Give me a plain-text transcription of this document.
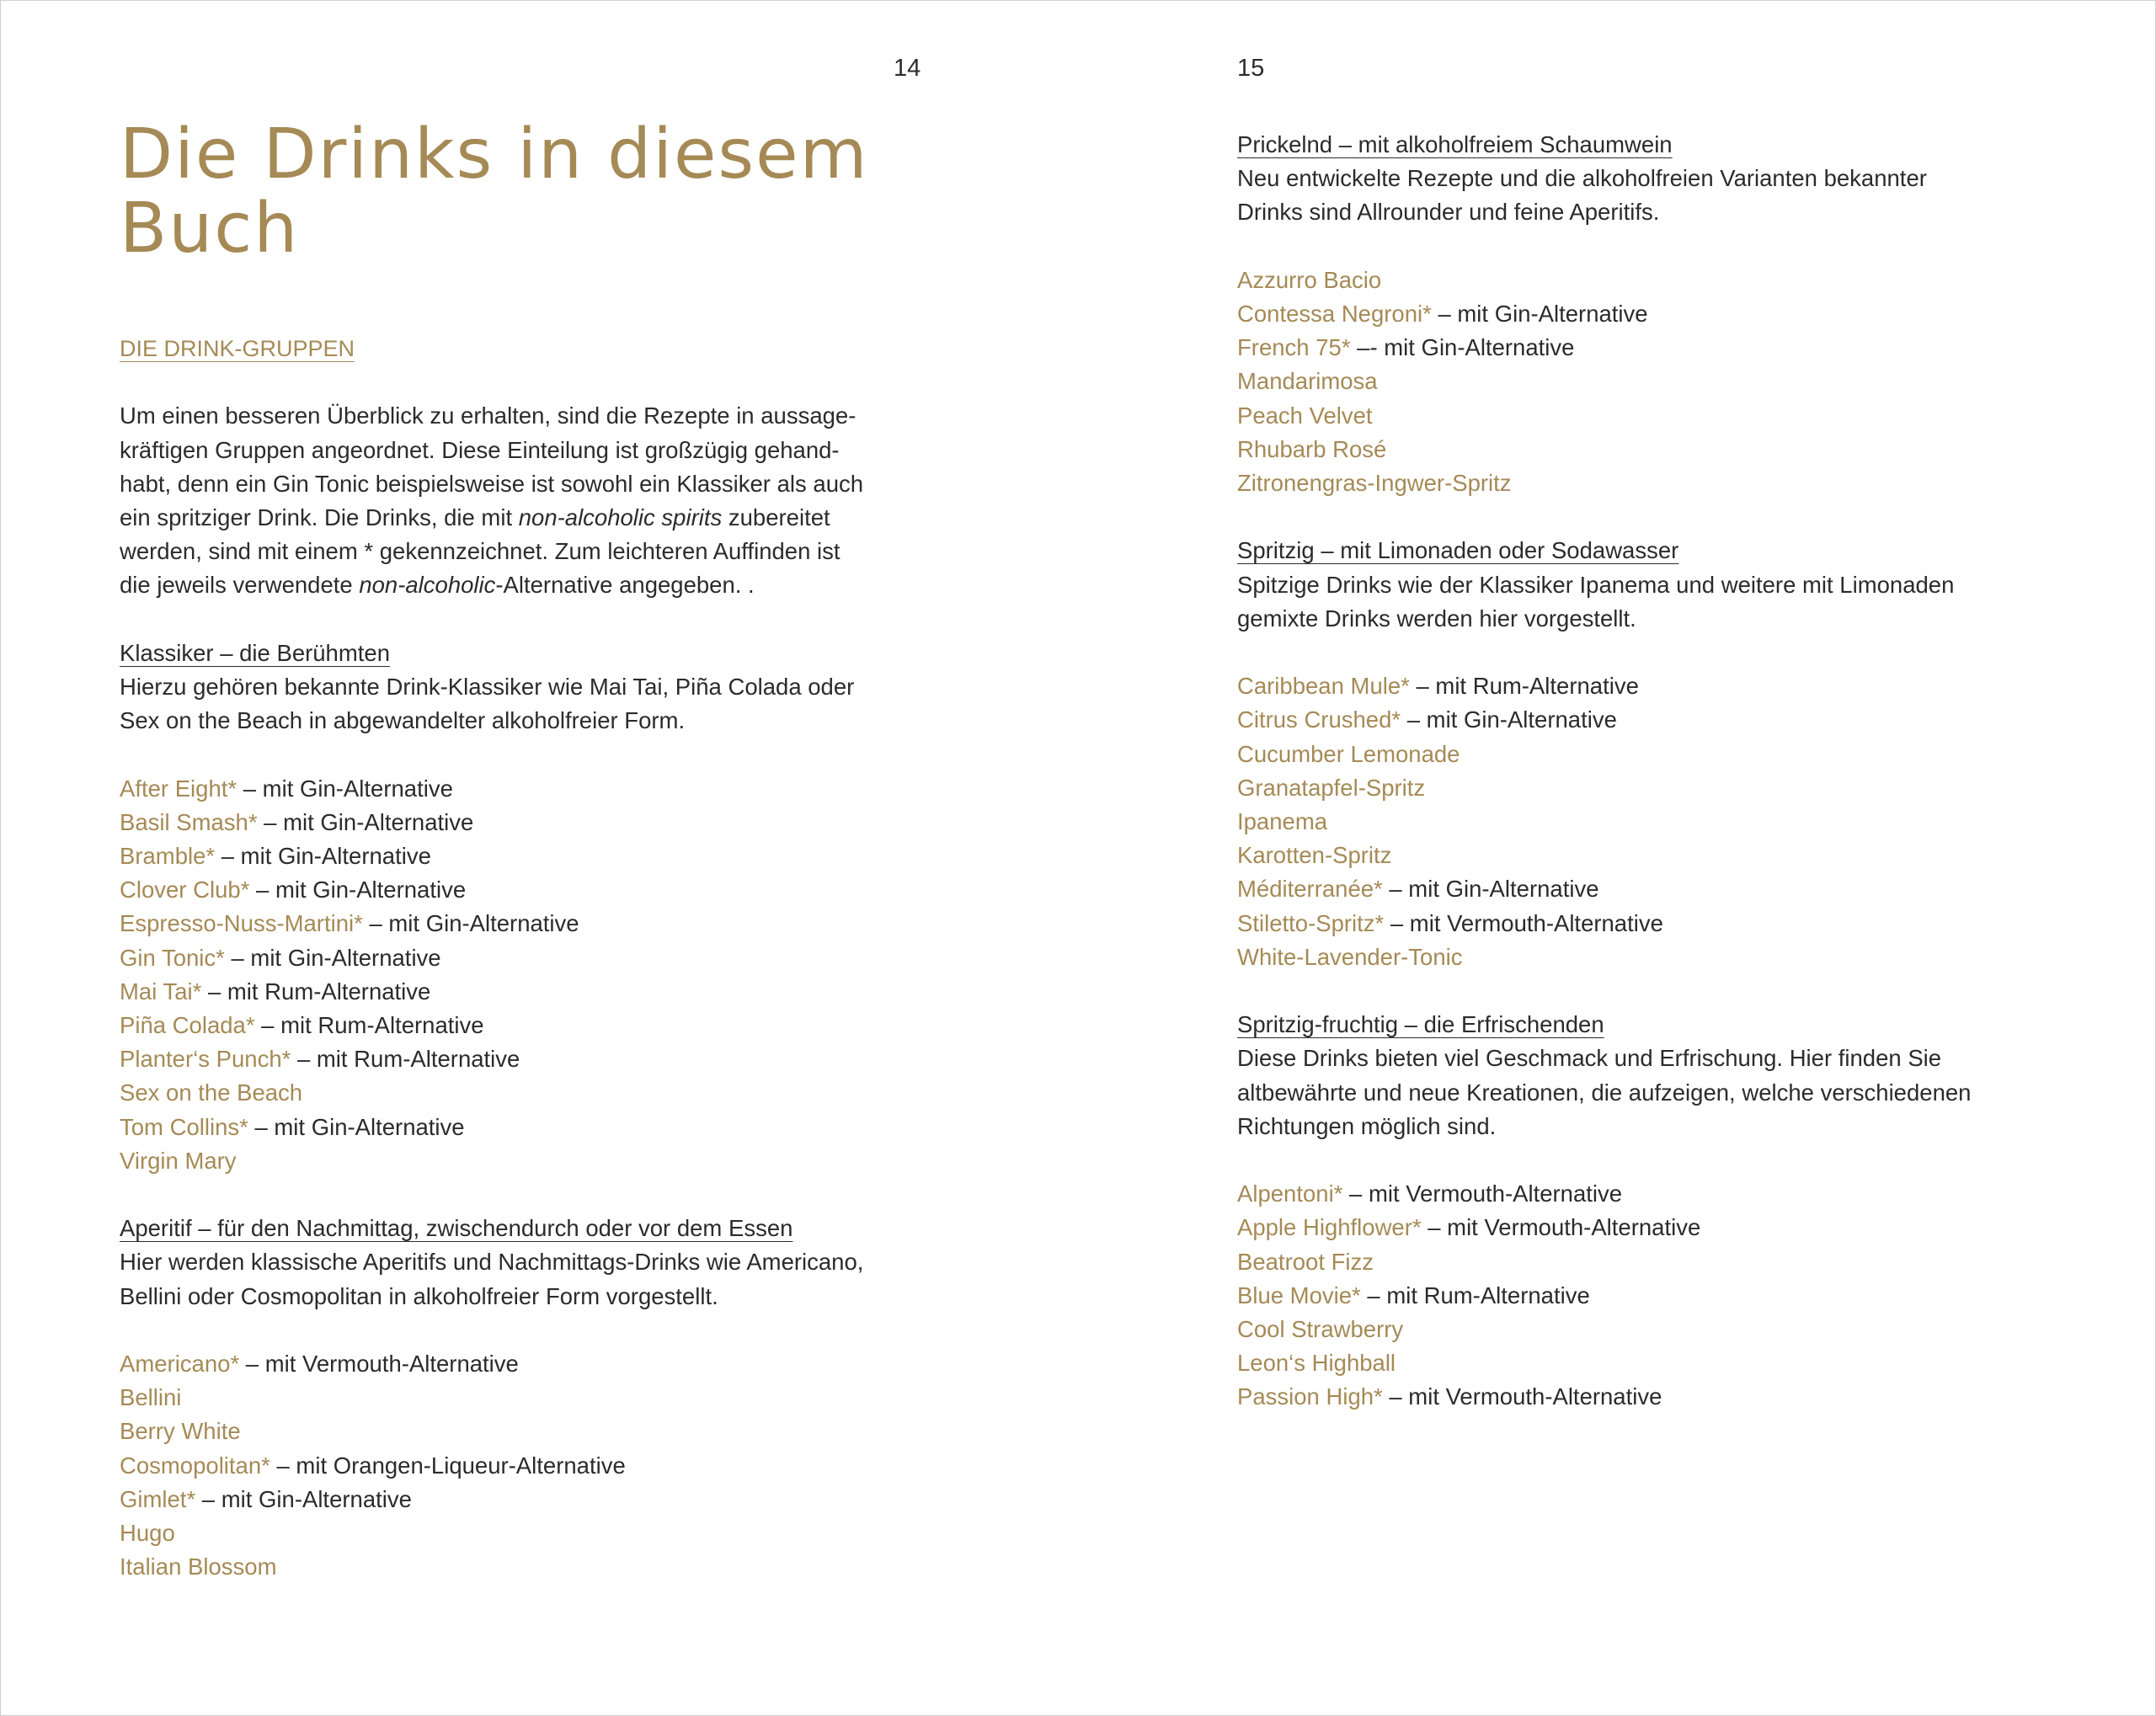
14	15
Die Drinks in diesem
Buch
DIE DRINK-GRUPPEN
Um einen besseren Überblick zu erhalten, sind die Rezepte in aussage-
kräftigen Gruppen angeordnet. Diese Einteilung ist großzügig gehand-
habt, denn ein Gin Tonic beispielsweise ist sowohl ein Klassiker als auch
ein spritziger Drink. Die Drinks, die mit non-alcoholic spirits zubereitet
werden, sind mit einem * gekennzeichnet. Zum leichteren Auffinden ist
die jeweils verwendete non-alcoholic-Alternative angegeben. .
Klassiker – die Berühmten
Hierzu gehören bekannte Drink-Klassiker wie Mai Tai, Piña Colada oder
Sex on the Beach in abgewandelter alkoholfreier Form.
After Eight* – mit Gin-Alternative
Basil Smash* – mit Gin-Alternative
Bramble* – mit Gin-Alternative
Clover Club* – mit Gin-Alternative
Espresso-Nuss-Martini* – mit Gin-Alternative
Gin Tonic* – mit Gin-Alternative
Mai Tai* – mit Rum-Alternative
Piña Colada* – mit Rum-Alternative
Planter‘s Punch* – mit Rum-Alternative
Sex on the Beach
Tom Collins* – mit Gin-Alternative
Virgin Mary
Aperitif – für den Nachmittag, zwischendurch oder vor dem Essen
Hier werden klassische Aperitifs und Nachmittags-Drinks wie Americano,
Bellini oder Cosmopolitan in alkoholfreier Form vorgestellt.
Americano* – mit Vermouth-Alternative
Bellini
Berry White
Cosmopolitan* – mit Orangen-Liqueur-Alternative
Gimlet* – mit Gin-Alternative
Hugo
Italian Blossom
Prickelnd – mit alkoholfreiem Schaumwein
Neu entwickelte Rezepte und die alkoholfreien Varianten bekannter
Drinks sind Allrounder und feine Aperitifs.
Azzurro Bacio
Contessa Negroni* – mit Gin-Alternative
French 75* –- mit Gin-Alternative
Mandarimosa
Peach Velvet
Rhubarb Rosé
Zitronengras-Ingwer-Spritz
Spritzig – mit Limonaden oder Sodawasser
Spitzige Drinks wie der Klassiker Ipanema und weitere mit Limonaden
gemixte Drinks werden hier vorgestellt.
Caribbean Mule* – mit Rum-Alternative
Citrus Crushed* – mit Gin-Alternative
Cucumber Lemonade
Granatapfel-Spritz
Ipanema
Karotten-Spritz
Méditerranée* – mit Gin-Alternative
Stiletto-Spritz* – mit Vermouth-Alternative
White-Lavender-Tonic
Spritzig-fruchtig – die Erfrischenden
Diese Drinks bieten viel Geschmack und Erfrischung. Hier finden Sie
altbewährte und neue Kreationen, die aufzeigen, welche verschiedenen
Richtungen möglich sind.
Alpentoni* – mit Vermouth-Alternative
Apple Highflower* – mit Vermouth-Alternative
Beatroot Fizz
Blue Movie* – mit Rum-Alternative
Cool Strawberry
Leon‘s Highball
Passion High* – mit Vermouth-Alternative
